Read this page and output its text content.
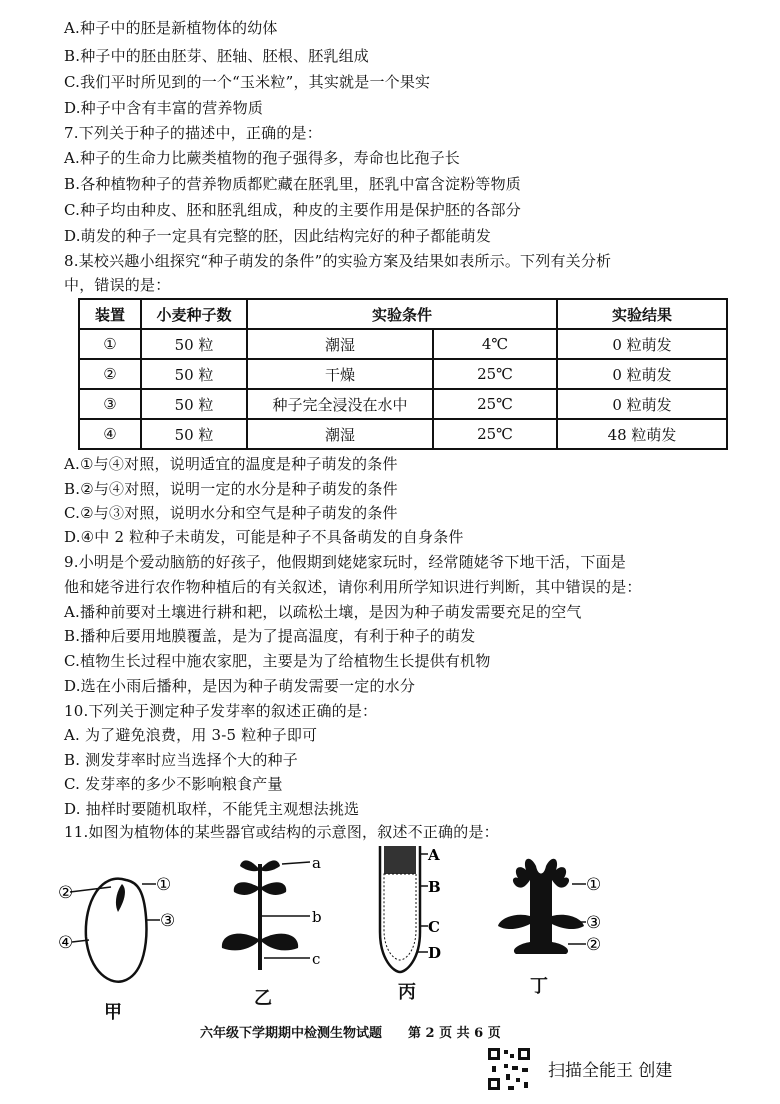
A.种子中的胚是新植物体的幼体
B.种子中的胚由胚芽、胚轴、胚根、胚乳组成
C.我们平时所见到的一个“玉米粒”，其实就是一个果实
D.种子中含有丰富的营养物质
7.下列关于种子的描述中，正确的是：
A.种子的生命力比蕨类植物的孢子强得多，寿命也比孢子长
B.各种植物种子的营养物质都贮藏在胚乳里，胚乳中富含淀粉等物质
C.种子均由种皮、胚和胚乳组成，种皮的主要作用是保护胚的各部分
D.萌发的种子一定具有完整的胚，因此结构完好的种子都能萌发
8.某校兴趣小组探究“种子萌发的条件”的实验方案及结果如表所示。下列有关分析
中，错误的是：
装置	小麦种子数	实验条件		实验结果
①	50 粒	潮湿	4℃	0 粒萌发
②	50 粒	干燥	25℃	0 粒萌发
③	50 粒	种子完全浸没在水中	25℃	0 粒萌发
④	50 粒	潮湿	25℃	48 粒萌发
A.①与④对照，说明适宜的温度是种子萌发的条件
B.②与④对照，说明一定的水分是种子萌发的条件
C.②与③对照，说明水分和空气是种子萌发的条件
D.④中 2 粒种子未萌发，可能是种子不具备萌发的自身条件
9.小明是个爱动脑筋的好孩子，他假期到姥姥家玩时，经常随姥爷下地干活，下面是
他和姥爷进行农作物种植后的有关叙述，请你利用所学知识进行判断，其中错误的是：
A.播种前要对土壤进行耕和耙，以疏松土壤，是因为种子萌发需要充足的空气
B.播种后要用地膜覆盖，是为了提高温度，有利于种子的萌发
C.植物生长过程中施农家肥，主要是为了给植物生长提供有机物
D.选在小雨后播种，是因为种子萌发需要一定的水分
10.下列关于测定种子发芽率的叙述正确的是：
A. 为了避免浪费，用 3-5 粒种子即可
B. 测发芽率时应当选择个大的种子
C. 发芽率的多少不影响粮食产量
D. 抽样时要随机取样，不能凭主观想法挑选
11.如图为植物体的某些器官或结构的示意图，叙述不正确的是：
②	①
③
④
甲
a
b
c
乙
A
B
C
D
丙
①
③
②
丁
六年级下学期期中检测生物试题　　第 2 页 共 6 页
扫描全能王 创建
